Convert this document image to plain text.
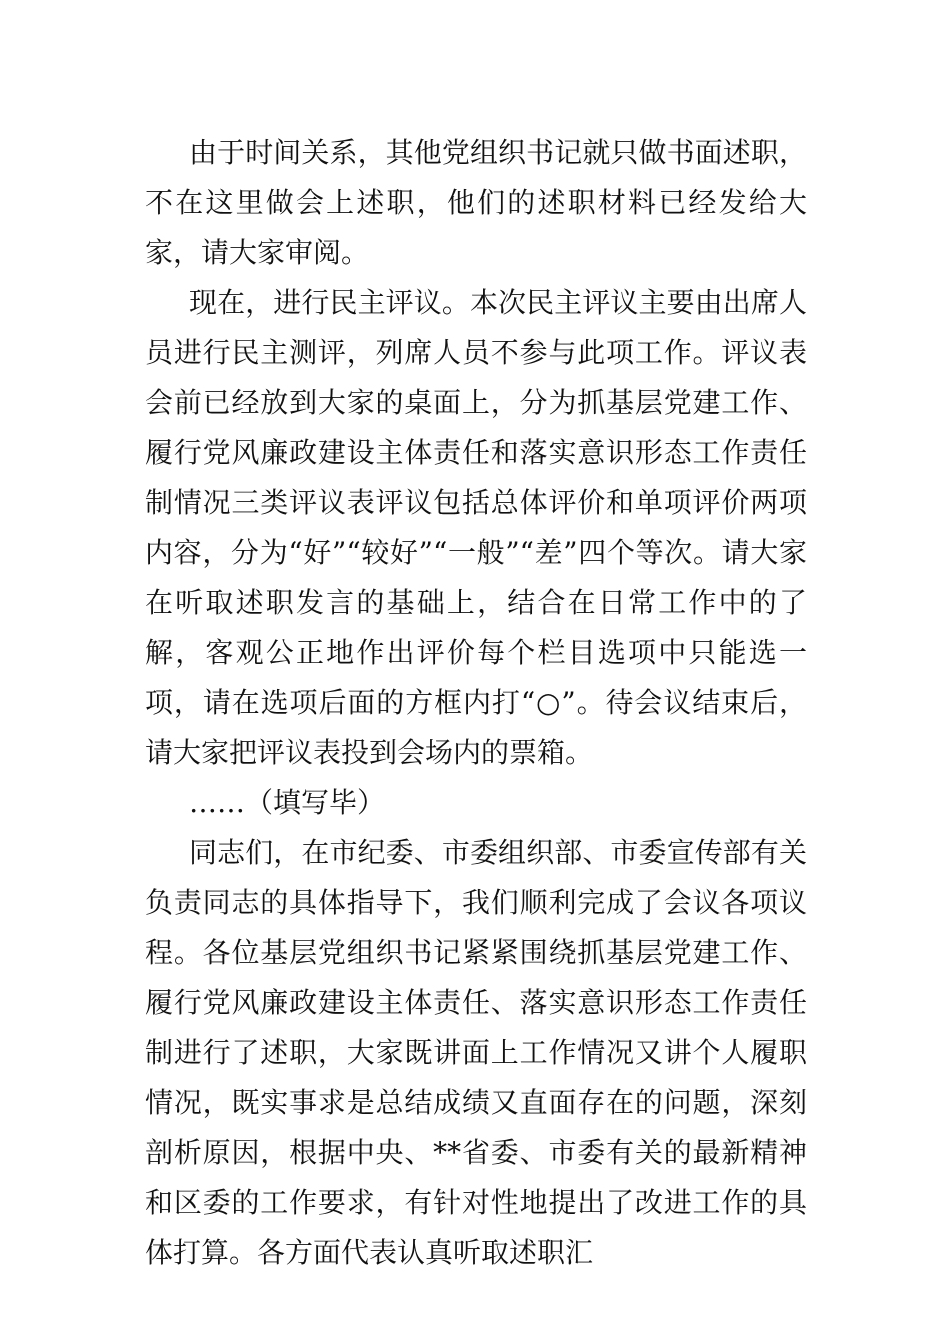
由于时间关系，其他党组织书记就只做书面述职，不在这里做会上述职，他们的述职材料已经发给大家，请大家审阅。

现在，进行民主评议。本次民主评议主要由出席人员进行民主测评，列席人员不参与此项工作。评议表会前已经放到大家的桌面上，分为抓基层党建工作、履行党风廉政建设主体责任和落实意识形态工作责任制情况三类评议表评议包括总体评价和单项评价两项内容，分为“好”“较好”“一般”“差”四个等次。请大家在听取述职发言的基础上，结合在日常工作中的了解，客观公正地作出评价每个栏目选项中只能选一项，请在选项后面的方框内打“○”。待会议结束后，请大家把评议表投到会场内的票箱。

……（填写毕）

同志们，在市纪委、市委组织部、市委宣传部有关负责同志的具体指导下，我们顺利完成了会议各项议程。各位基层党组织书记紧紧围绕抓基层党建工作、履行党风廉政建设主体责任、落实意识形态工作责任制进行了述职，大家既讲面上工作情况又讲个人履职情况，既实事求是总结成绩又直面存在的问题，深刻剖析原因，根据中央、**省委、市委有关的最新精神和区委的工作要求，有针对性地提出了改进工作的具体打算。各方面代表认真听取述职汇
